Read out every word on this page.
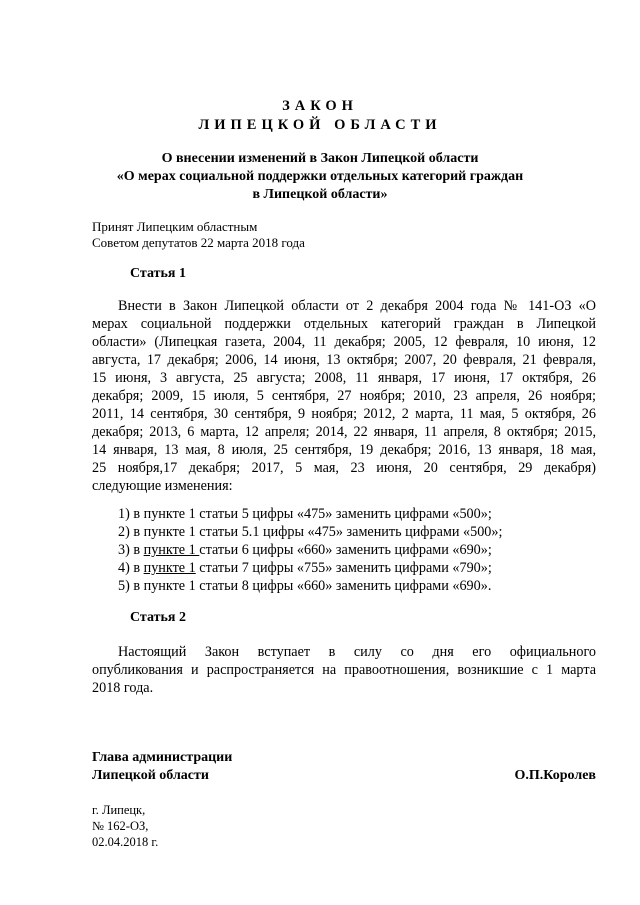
ЗАКОН
ЛИПЕЦКОЙ ОБЛАСТИ
О внесении изменений в Закон Липецкой области
«О мерах социальной поддержки отдельных категорий граждан
в Липецкой области»
Принят Липецким областным
Советом депутатов 22 марта 2018 года
Статья 1
Внести в Закон Липецкой области от 2 декабря 2004 года № 141-ОЗ «О
мерах социальной поддержки отдельных категорий граждан в Липецкой
области» (Липецкая газета, 2004, 11 декабря; 2005, 12 февраля, 10 июня, 12
августа, 17 декабря; 2006, 14 июня, 13 октября; 2007, 20 февраля, 21 февраля,
15 июня, 3 августа, 25 августа; 2008, 11 января, 17 июня, 17 октября, 26
декабря; 2009, 15 июля, 5 сентября, 27 ноября; 2010, 23 апреля, 26 ноября;
2011, 14 сентября, 30 сентября, 9 ноября; 2012, 2 марта, 11 мая, 5 октября, 26
декабря; 2013, 6 марта, 12 апреля; 2014, 22 января, 11 апреля, 8 октября; 2015,
14 января, 13 мая, 8 июля, 25 сентября, 19 декабря; 2016, 13 января, 18 мая,
25 ноября,17 декабря; 2017, 5 мая, 23 июня, 20 сентября, 29 декабря)
следующие изменения:
1) в пункте 1 статьи 5 цифры «475» заменить цифрами «500»;
2) в пункте 1 статьи 5.1 цифры «475» заменить цифрами «500»;
3) в пункте 1 статьи 6 цифры «660» заменить цифрами «690»;
4) в пункте 1 статьи 7 цифры «755» заменить цифрами «790»;
5) в пункте 1 статьи 8 цифры «660» заменить цифрами «690».
Статья 2
Настоящий Закон вступает в силу со дня его официального
опубликования и распространяется на правоотношения, возникшие с 1 марта
2018 года.
Глава администрации
Липецкой области	О.П.Королев
г. Липецк,
№ 162-ОЗ,
02.04.2018 г.
